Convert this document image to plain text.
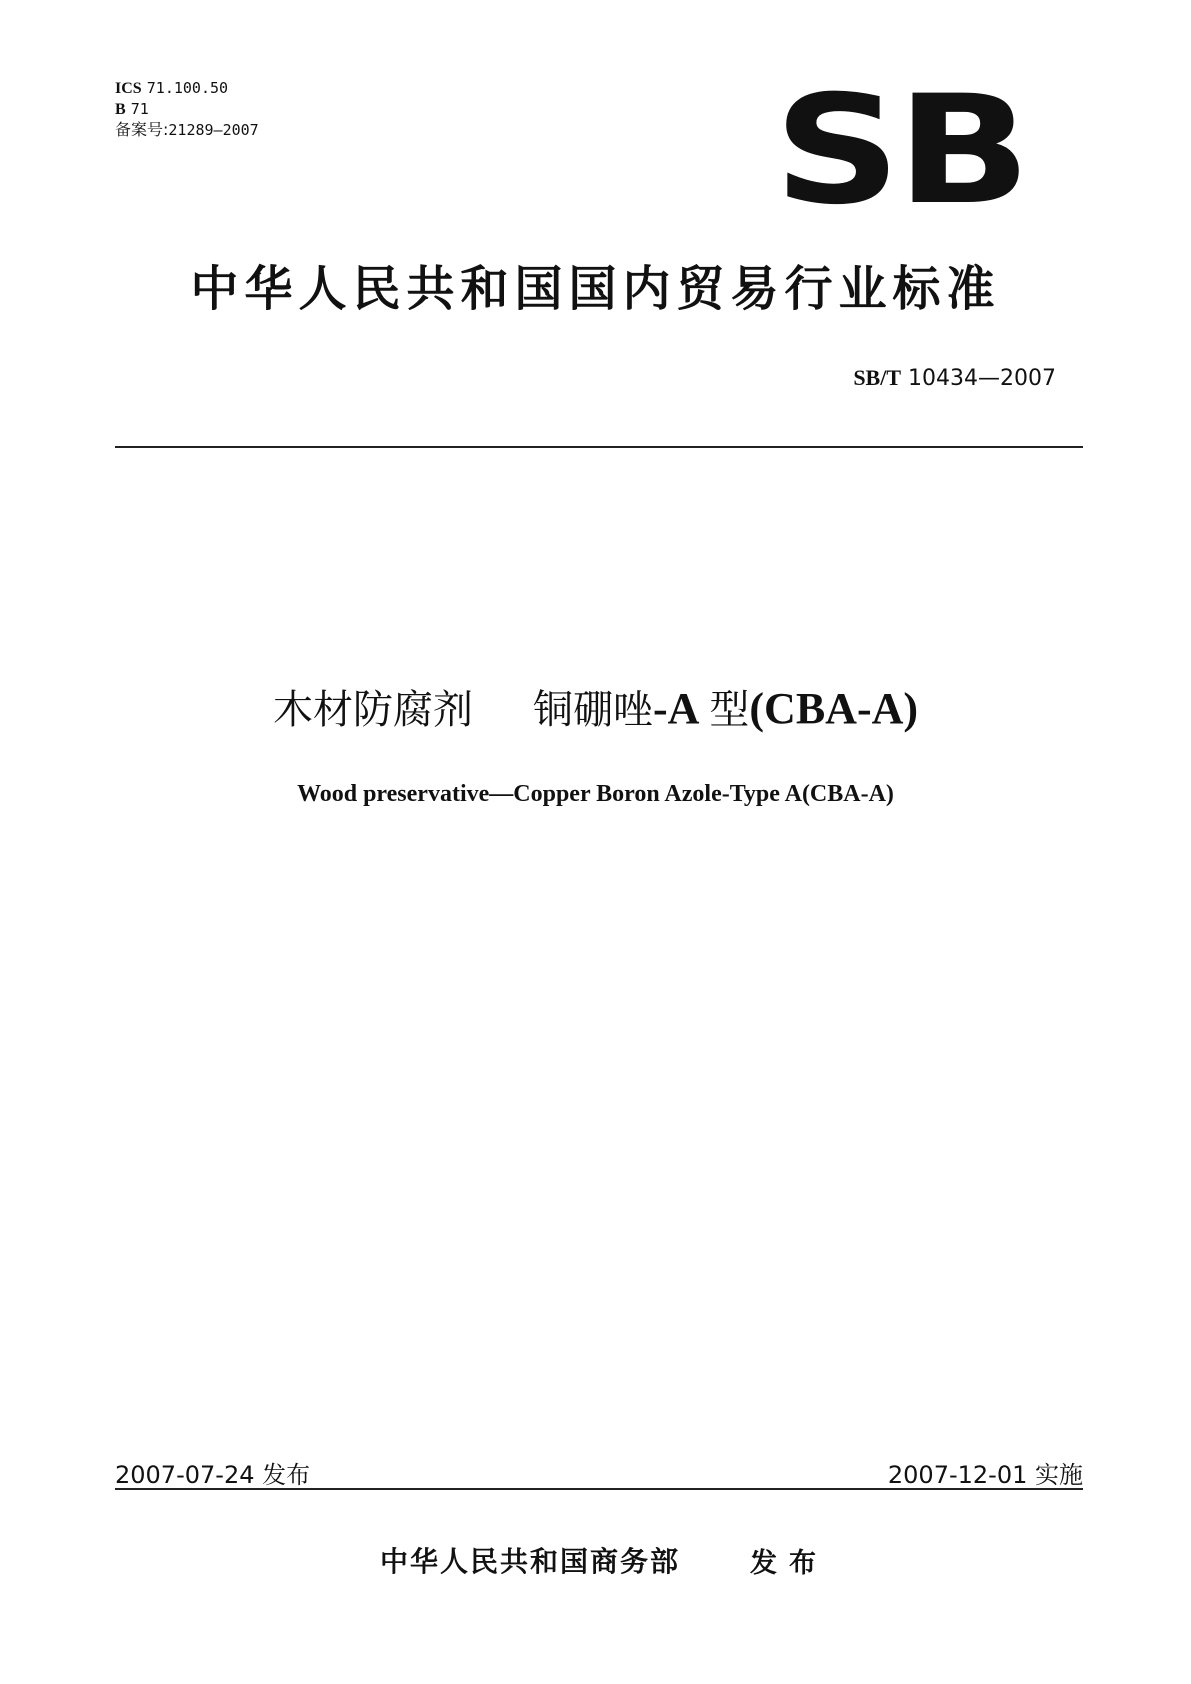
ICS 71.100.50
B 71
备案号:21289—2007	SB
中华人民共和国国内贸易行业标准
SB/T 10434—2007
木材防腐剂 铜硼唑-A 型(CBA-A)
Wood preservative—Copper Boron Azole-Type A(CBA-A)
2007-07-24 发布	2007-12-01 实施
中华人民共和国商务部	发布
